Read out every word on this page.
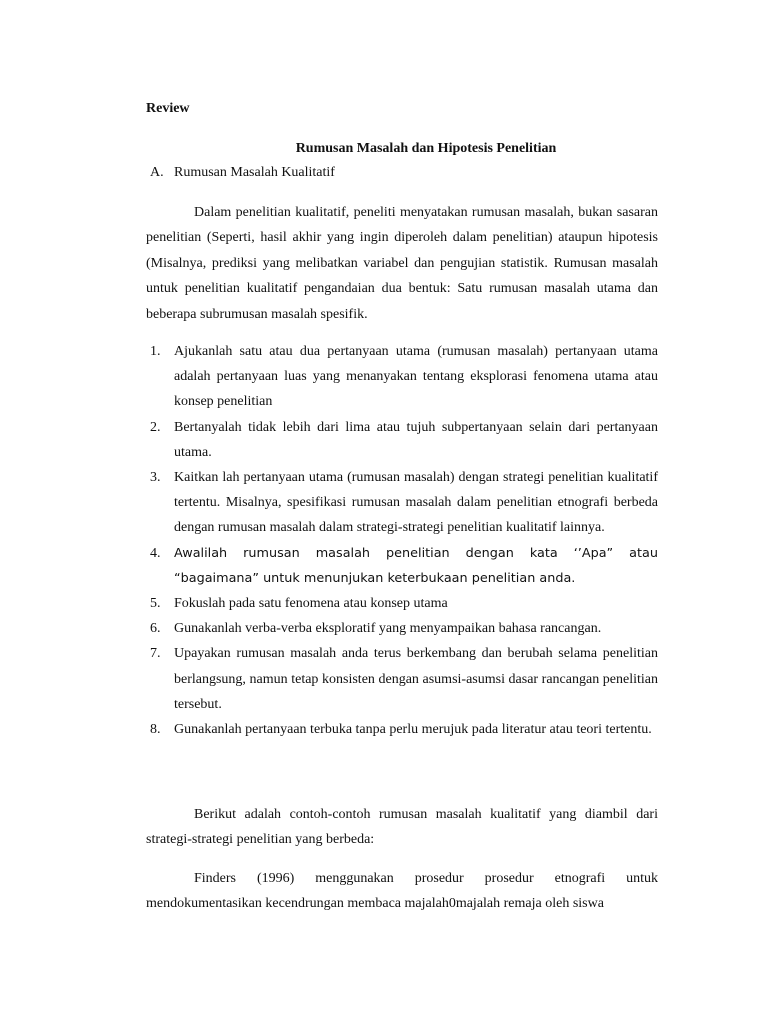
Review
Rumusan Masalah dan Hipotesis Penelitian
A. Rumusan Masalah Kualitatif

Dalam penelitian kualitatif, peneliti menyatakan rumusan masalah, bukan sasaran penelitian (Seperti, hasil akhir yang ingin diperoleh dalam penelitian) ataupun hipotesis (Misalnya, prediksi yang melibatkan variabel dan pengujian statistik. Rumusan masalah untuk penelitian kualitatif pengandaian dua bentuk: Satu rumusan masalah utama dan beberapa subrumusan masalah spesifik.

1. Ajukanlah satu atau dua pertanyaan utama (rumusan masalah) pertanyaan utama adalah pertanyaan luas yang menanyakan tentang eksplorasi fenomena utama atau konsep penelitian
2. Bertanyalah tidak lebih dari lima atau tujuh subpertanyaan selain dari pertanyaan utama.
3. Kaitkan lah pertanyaan utama (rumusan masalah) dengan strategi penelitian kualitatif tertentu. Misalnya, spesifikasi rumusan masalah dalam penelitian etnografi berbeda dengan rumusan masalah dalam strategi-strategi penelitian kualitatif lainnya.
4. Awalilah rumusan masalah penelitian dengan kata ‘’Apa” atau “bagaimana” untuk menunjukan keterbukaan penelitian anda.
5. Fokuslah pada satu fenomena atau konsep utama
6. Gunakanlah verba-verba eksploratif yang menyampaikan bahasa rancangan.
7. Upayakan rumusan masalah anda terus berkembang dan berubah selama penelitian berlangsung, namun tetap konsisten dengan asumsi-asumsi dasar rancangan penelitian tersebut.
8. Gunakanlah pertanyaan terbuka tanpa perlu merujuk pada literatur atau teori tertentu.

Berikut adalah contoh-contoh rumusan masalah kualitatif yang diambil dari strategi-strategi penelitian yang berbeda:

Finders (1996) menggunakan prosedur prosedur etnografi untuk mendokumentasikan kecendrungan membaca majalah0majalah remaja oleh siswa
